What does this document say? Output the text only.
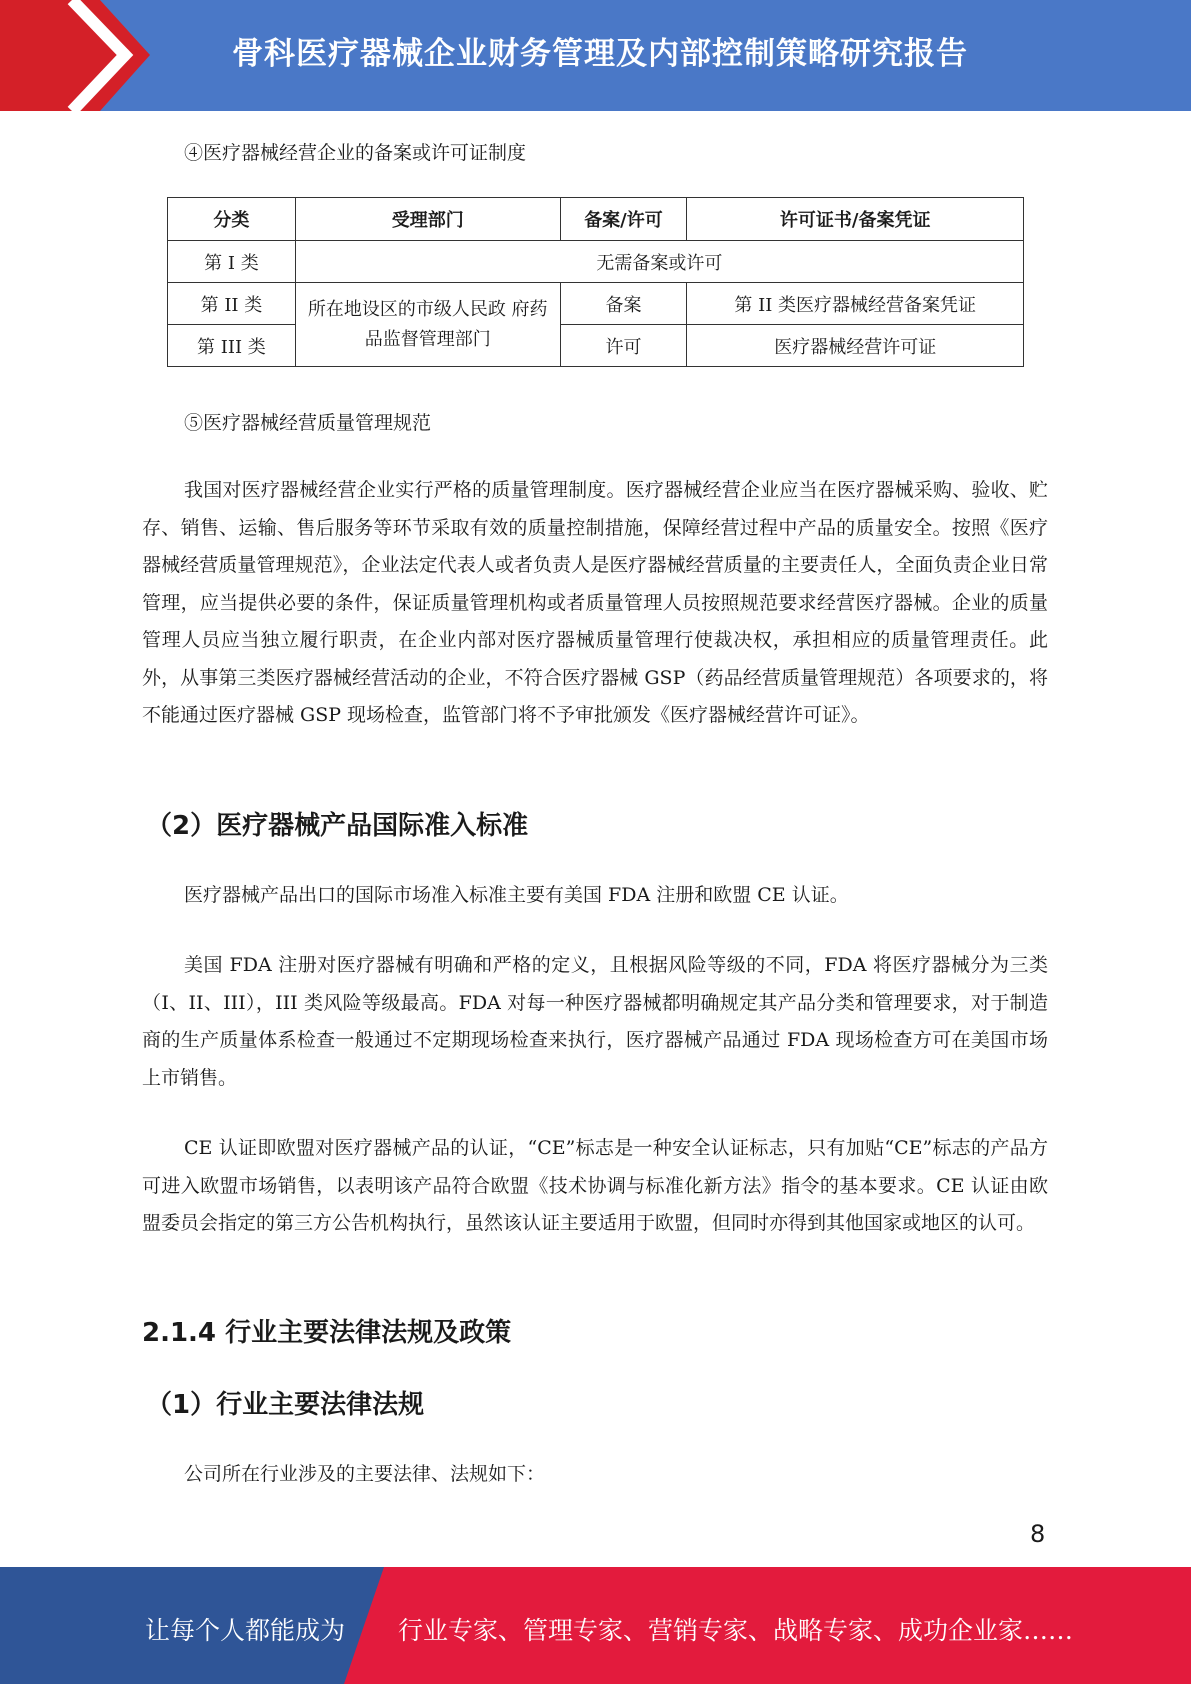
骨科医疗器械企业财务管理及内部控制策略研究报告
④医疗器械经营企业的备案或许可证制度
分类	受理部门	备案/许可	许可证书/备案凭证
第 I 类	无需备案或许可		
第 II 类	所在地设区的市级人民政 府药品监督管理部门	备案	第 II 类医疗器械经营备案凭证
第 III 类		许可	医疗器械经营许可证
⑤医疗器械经营质量管理规范
我国对医疗器械经营企业实行严格的质量管理制度。医疗器械经营企业应当在医疗器械采购、验收、贮存、销售、运输、售后服务等环节采取有效的质量控制措施，保障经营过程中产品的质量安全。按照《医疗器械经营质量管理规范》，企业法定代表人或者负责人是医疗器械经营质量的主要责任人，全面负责企业日常管理，应当提供必要的条件，保证质量管理机构或者质量管理人员按照规范要求经营医疗器械。企业的质量管理人员应当独立履行职责，在企业内部对医疗器械质量管理行使裁决权，承担相应的质量管理责任。此外，从事第三类医疗器械经营活动的企业，不符合医疗器械 GSP（药品经营质量管理规范）各项要求的，将不能通过医疗器械 GSP 现场检查，监管部门将不予审批颁发《医疗器械经营许可证》。
（2）医疗器械产品国际准入标准
医疗器械产品出口的国际市场准入标准主要有美国 FDA 注册和欧盟 CE 认证。
美国 FDA 注册对医疗器械有明确和严格的定义，且根据风险等级的不同，FDA 将医疗器械分为三类（I、II、III），III 类风险等级最高。FDA 对每一种医疗器械都明确规定其产品分类和管理要求，对于制造商的生产质量体系检查一般通过不定期现场检查来执行，医疗器械产品通过 FDA 现场检查方可在美国市场上市销售。
CE 认证即欧盟对医疗器械产品的认证，“CE”标志是一种安全认证标志，只有加贴“CE”标志的产品方可进入欧盟市场销售，以表明该产品符合欧盟《技术协调与标准化新方法》指令的基本要求。CE 认证由欧盟委员会指定的第三方公告机构执行，虽然该认证主要适用于欧盟，但同时亦得到其他国家或地区的认可。
2.1.4 行业主要法律法规及政策
（1）行业主要法律法规
公司所在行业涉及的主要法律、法规如下：
8
让每个人都能成为 行业专家、管理专家、营销专家、战略专家、成功企业家……
